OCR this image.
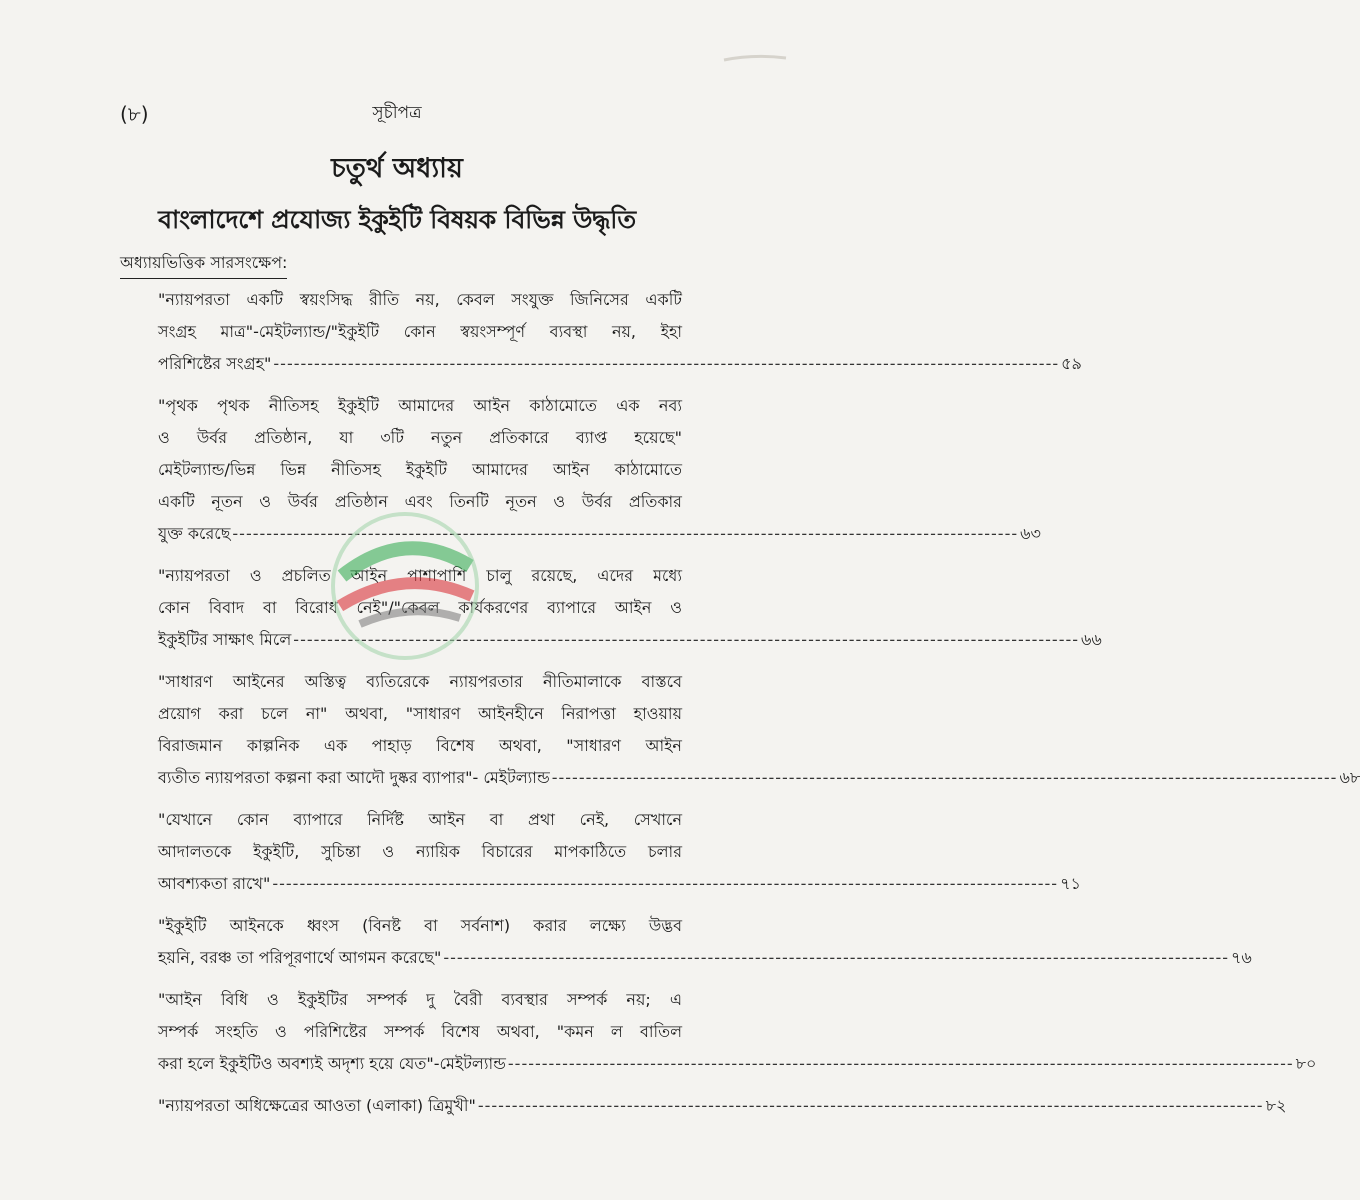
(৮)	সূচীপত্র
চতুর্থ অধ্যায়
বাংলাদেশে প্রযোজ্য ইকুইটি বিষয়ক বিভিন্ন উদ্ধৃতি
অধ্যায়ভিত্তিক সারসংক্ষেপ:
"ন্যায়পরতা একটি স্বয়ংসিদ্ধ রীতি নয়, কেবল সংযুক্ত জিনিসের একটি
সংগ্রহ মাত্র"-মেইটল্যান্ড/"ইকুইটি কোন স্বয়ংসম্পূর্ণ ব্যবস্থা নয়, ইহা
পরিশিষ্টের সংগ্রহ" -------------------------------------------------------------------------------------------------------------------- ৫৯
"পৃথক পৃথক নীতিসহ ইকুইটি আমাদের আইন কাঠামোতে এক নব্য
ও উর্বর প্রতিষ্ঠান, যা ৩টি নতুন প্রতিকারে ব্যাপ্ত হয়েছে"
মেইটল্যান্ড/ভিন্ন ভিন্ন নীতিসহ ইকুইটি আমাদের আইন কাঠামোতে
একটি নূতন ও উর্বর প্রতিষ্ঠান এবং তিনটি নূতন ও উর্বর প্রতিকার
যুক্ত করেছে -------------------------------------------------------------------------------------------------------------------- ৬৩
"ন্যায়পরতা ও প্রচলিত আইন পাশাপাশি চালু রয়েছে, এদের মধ্যে
কোন বিবাদ বা বিরোধ নেই"/"কেবল কার্যকরণের ব্যাপারে আইন ও
ইকুইটির সাক্ষাৎ মিলে -------------------------------------------------------------------------------------------------------------------- ৬৬
"সাধারণ আইনের অস্তিত্ব ব্যতিরেকে ন্যায়পরতার নীতিমালাকে বাস্তবে
প্রয়োগ করা চলে না" অথবা, "সাধারণ আইনহীনে নিরাপত্তা হাওয়ায়
বিরাজমান কাল্পনিক এক পাহাড় বিশেষ অথবা, "সাধারণ আইন
ব্যতীত ন্যায়পরতা কল্পনা করা আদৌ দুষ্কর ব্যাপার"- মেইটল্যান্ড -------------------------------------------------------------------------------------------------------------------- ৬৮
"যেখানে কোন ব্যাপারে নির্দিষ্ট আইন বা প্রথা নেই, সেখানে
আদালতকে ইকুইটি, সুচিন্তা ও ন্যায়িক বিচারের মাপকাঠিতে চলার
আবশ্যকতা রাখে" -------------------------------------------------------------------------------------------------------------------- ৭১
"ইকুইটি আইনকে ধ্বংস (বিনষ্ট বা সর্বনাশ) করার লক্ষ্যে উদ্ভব
হয়নি, বরঞ্চ তা পরিপূরণার্থে আগমন করেছে" -------------------------------------------------------------------------------------------------------------------- ৭৬
"আইন বিধি ও ইকুইটির সম্পর্ক দু বৈরী ব্যবস্থার সম্পর্ক নয়; এ
সম্পর্ক সংহতি ও পরিশিষ্টের সম্পর্ক বিশেষ অথবা, "কমন ল বাতিল
করা হলে ইকুইটিও অবশ্যই অদৃশ্য হয়ে যেত"-মেইটল্যান্ড -------------------------------------------------------------------------------------------------------------------- ৮০
"ন্যায়পরতা অধিক্ষেত্রের আওতা (এলাকা) ত্রিমুখী" -------------------------------------------------------------------------------------------------------------------- ৮২
